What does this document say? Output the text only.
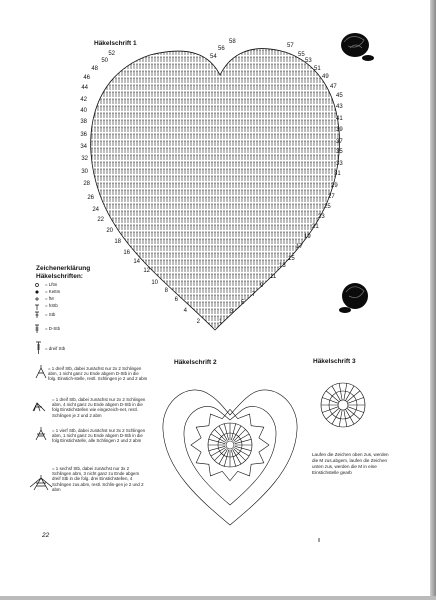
Häkelschrift 1
Häkelschrift 2	Häkelschrift 3
2
4
6
8
10
12
14
16
18
20
22
24
26
28
30
32
34
36
38
40
42
44
46
48
50
52
1
3
5
7
9
11
13
15
17
19
21
23
25
27
29
31
33
35
37
39
41
43
45
47
49
51
53
55
57
58
56
54
Zeichenerklärung
Häkelschriften:
= Lftm
= Kettm
= fM
= hStb
= Stb
= D-Stb
= dreif Stb
= 1 dreif Stb, dabei zunächst nur 2x 2 Schlingen abm, 1 nicht ganz zu Ende abgem D-Stb in die folg. Einstich-stelle, restl. Schlingen je 2 und 2 abm
= 1 dreif Stb, dabei zunächst nur 2x 2 Schlingen abm, 4 nicht ganz zu Ende abgem D-Stb in die folg Einstichstellen wie eingezeich-net, restl. Schlingen je 2 und 2 abm
= 1 vierf Stb, dabei zunächst nur 3x 2 Schlingen abm, 1 nicht ganz zu Ende abgem D-Stb in die folg Einstichstelle, alle Schlingen 2 und 2 abm
= 1 sechsf Stb, dabei zunächst nur 3x 2 Schlingen abm, 3 nicht ganz zu Ende abgem dreif Stb in die folg. drei Einstichstellen, 4 Schlingen zus.abm, restl. Schlin-gen je 2 und 2 abm
Laufen die Zeichen oben zus, werden die M zus.abgem, laufen die Zeichen unten zus, werden die M in eine Einstichstelle gearb
22
